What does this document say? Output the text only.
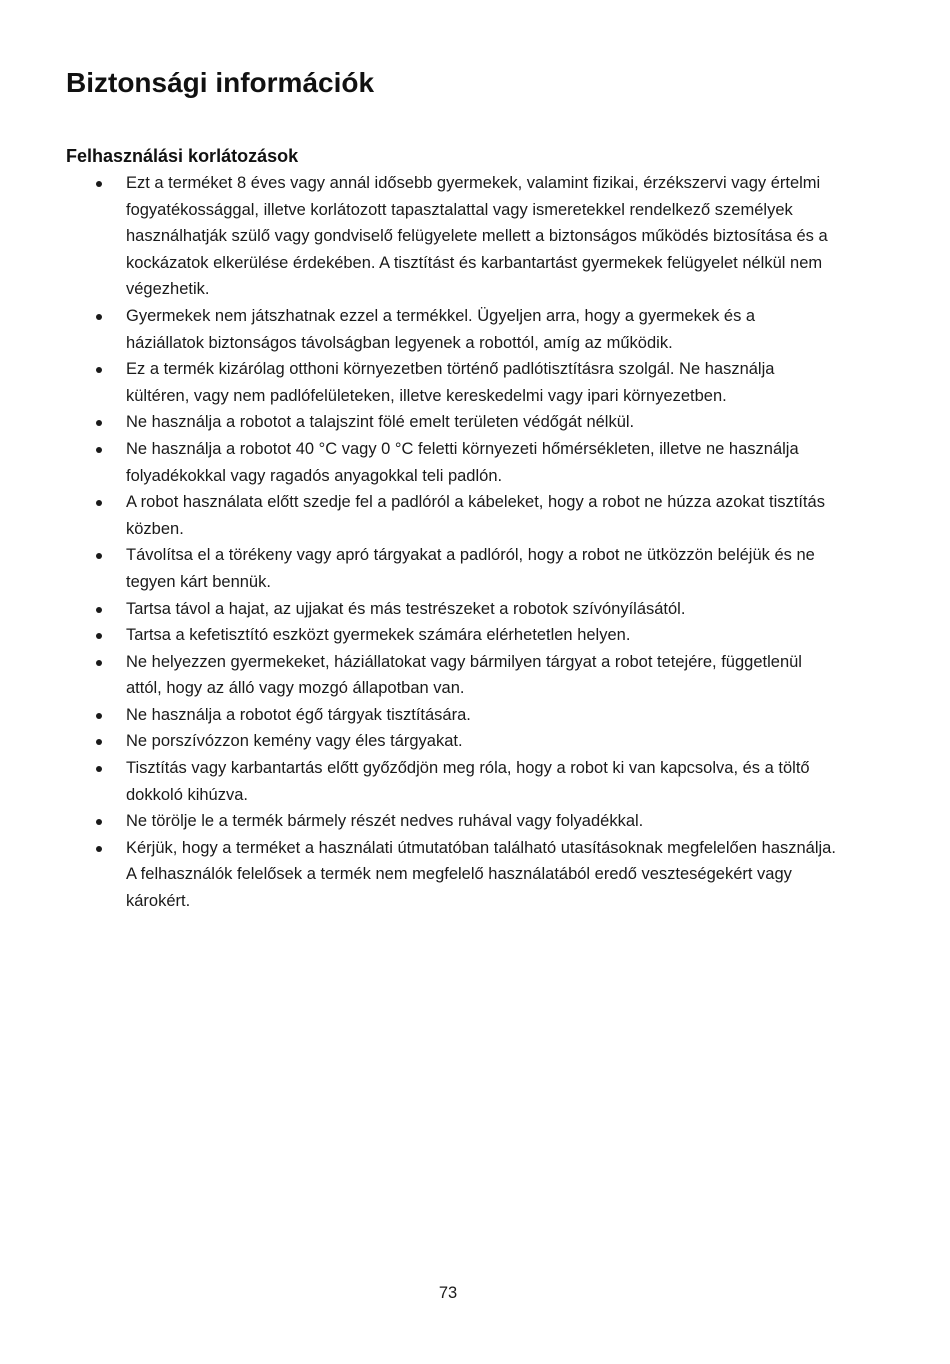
Biztonsági információk
Felhasználási korlátozások
Ezt a terméket 8 éves vagy annál idősebb gyermekek, valamint fizikai, érzékszervi vagy értelmi fogyatékossággal, illetve korlátozott tapasztalattal vagy ismeretekkel rendelkező személyek használhatják szülő vagy gondviselő felügyelete mellett a biztonságos működés biztosítása és a kockázatok elkerülése érdekében. A tisztítást és karbantartást gyermekek felügyelet nélkül nem végezhetik.
Gyermekek nem játszhatnak ezzel a termékkel. Ügyeljen arra, hogy a gyermekek és a háziállatok biztonságos távolságban legyenek a robottól, amíg az működik.
Ez a termék kizárólag otthoni környezetben történő padlótisztításra szolgál. Ne használja kültéren, vagy nem padlófelületeken, illetve kereskedelmi vagy ipari környezetben.
Ne használja a robotot a talajszint fölé emelt területen védőgát nélkül.
Ne használja a robotot 40 °C vagy 0 °C feletti környezeti hőmérsékleten, illetve ne használja folyadékokkal vagy ragadós anyagokkal teli padlón.
A robot használata előtt szedje fel a padlóról a kábeleket, hogy a robot ne húzza azokat tisztítás közben.
Távolítsa el a törékeny vagy apró tárgyakat a padlóról, hogy a robot ne ütközzön beléjük és ne tegyen kárt bennük.
Tartsa távol a hajat, az ujjakat és más testrészeket a robotok szívónyílásától.
Tartsa a kefetisztító eszközt gyermekek számára elérhetetlen helyen.
Ne helyezzen gyermekeket, háziállatokat vagy bármilyen tárgyat a robot tetejére, függetlenül attól, hogy az álló vagy mozgó állapotban van.
Ne használja a robotot égő tárgyak tisztítására.
Ne porszívózzon kemény vagy éles tárgyakat.
Tisztítás vagy karbantartás előtt győződjön meg róla, hogy a robot ki van kapcsolva, és a töltő dokkoló kihúzva.
Ne törölje le a termék bármely részét nedves ruhával vagy folyadékkal.
Kérjük, hogy a terméket a használati útmutatóban található utasításoknak megfelelően használja. A felhasználók felelősek a termék nem megfelelő használatából eredő veszteségekért vagy károkért.
73
